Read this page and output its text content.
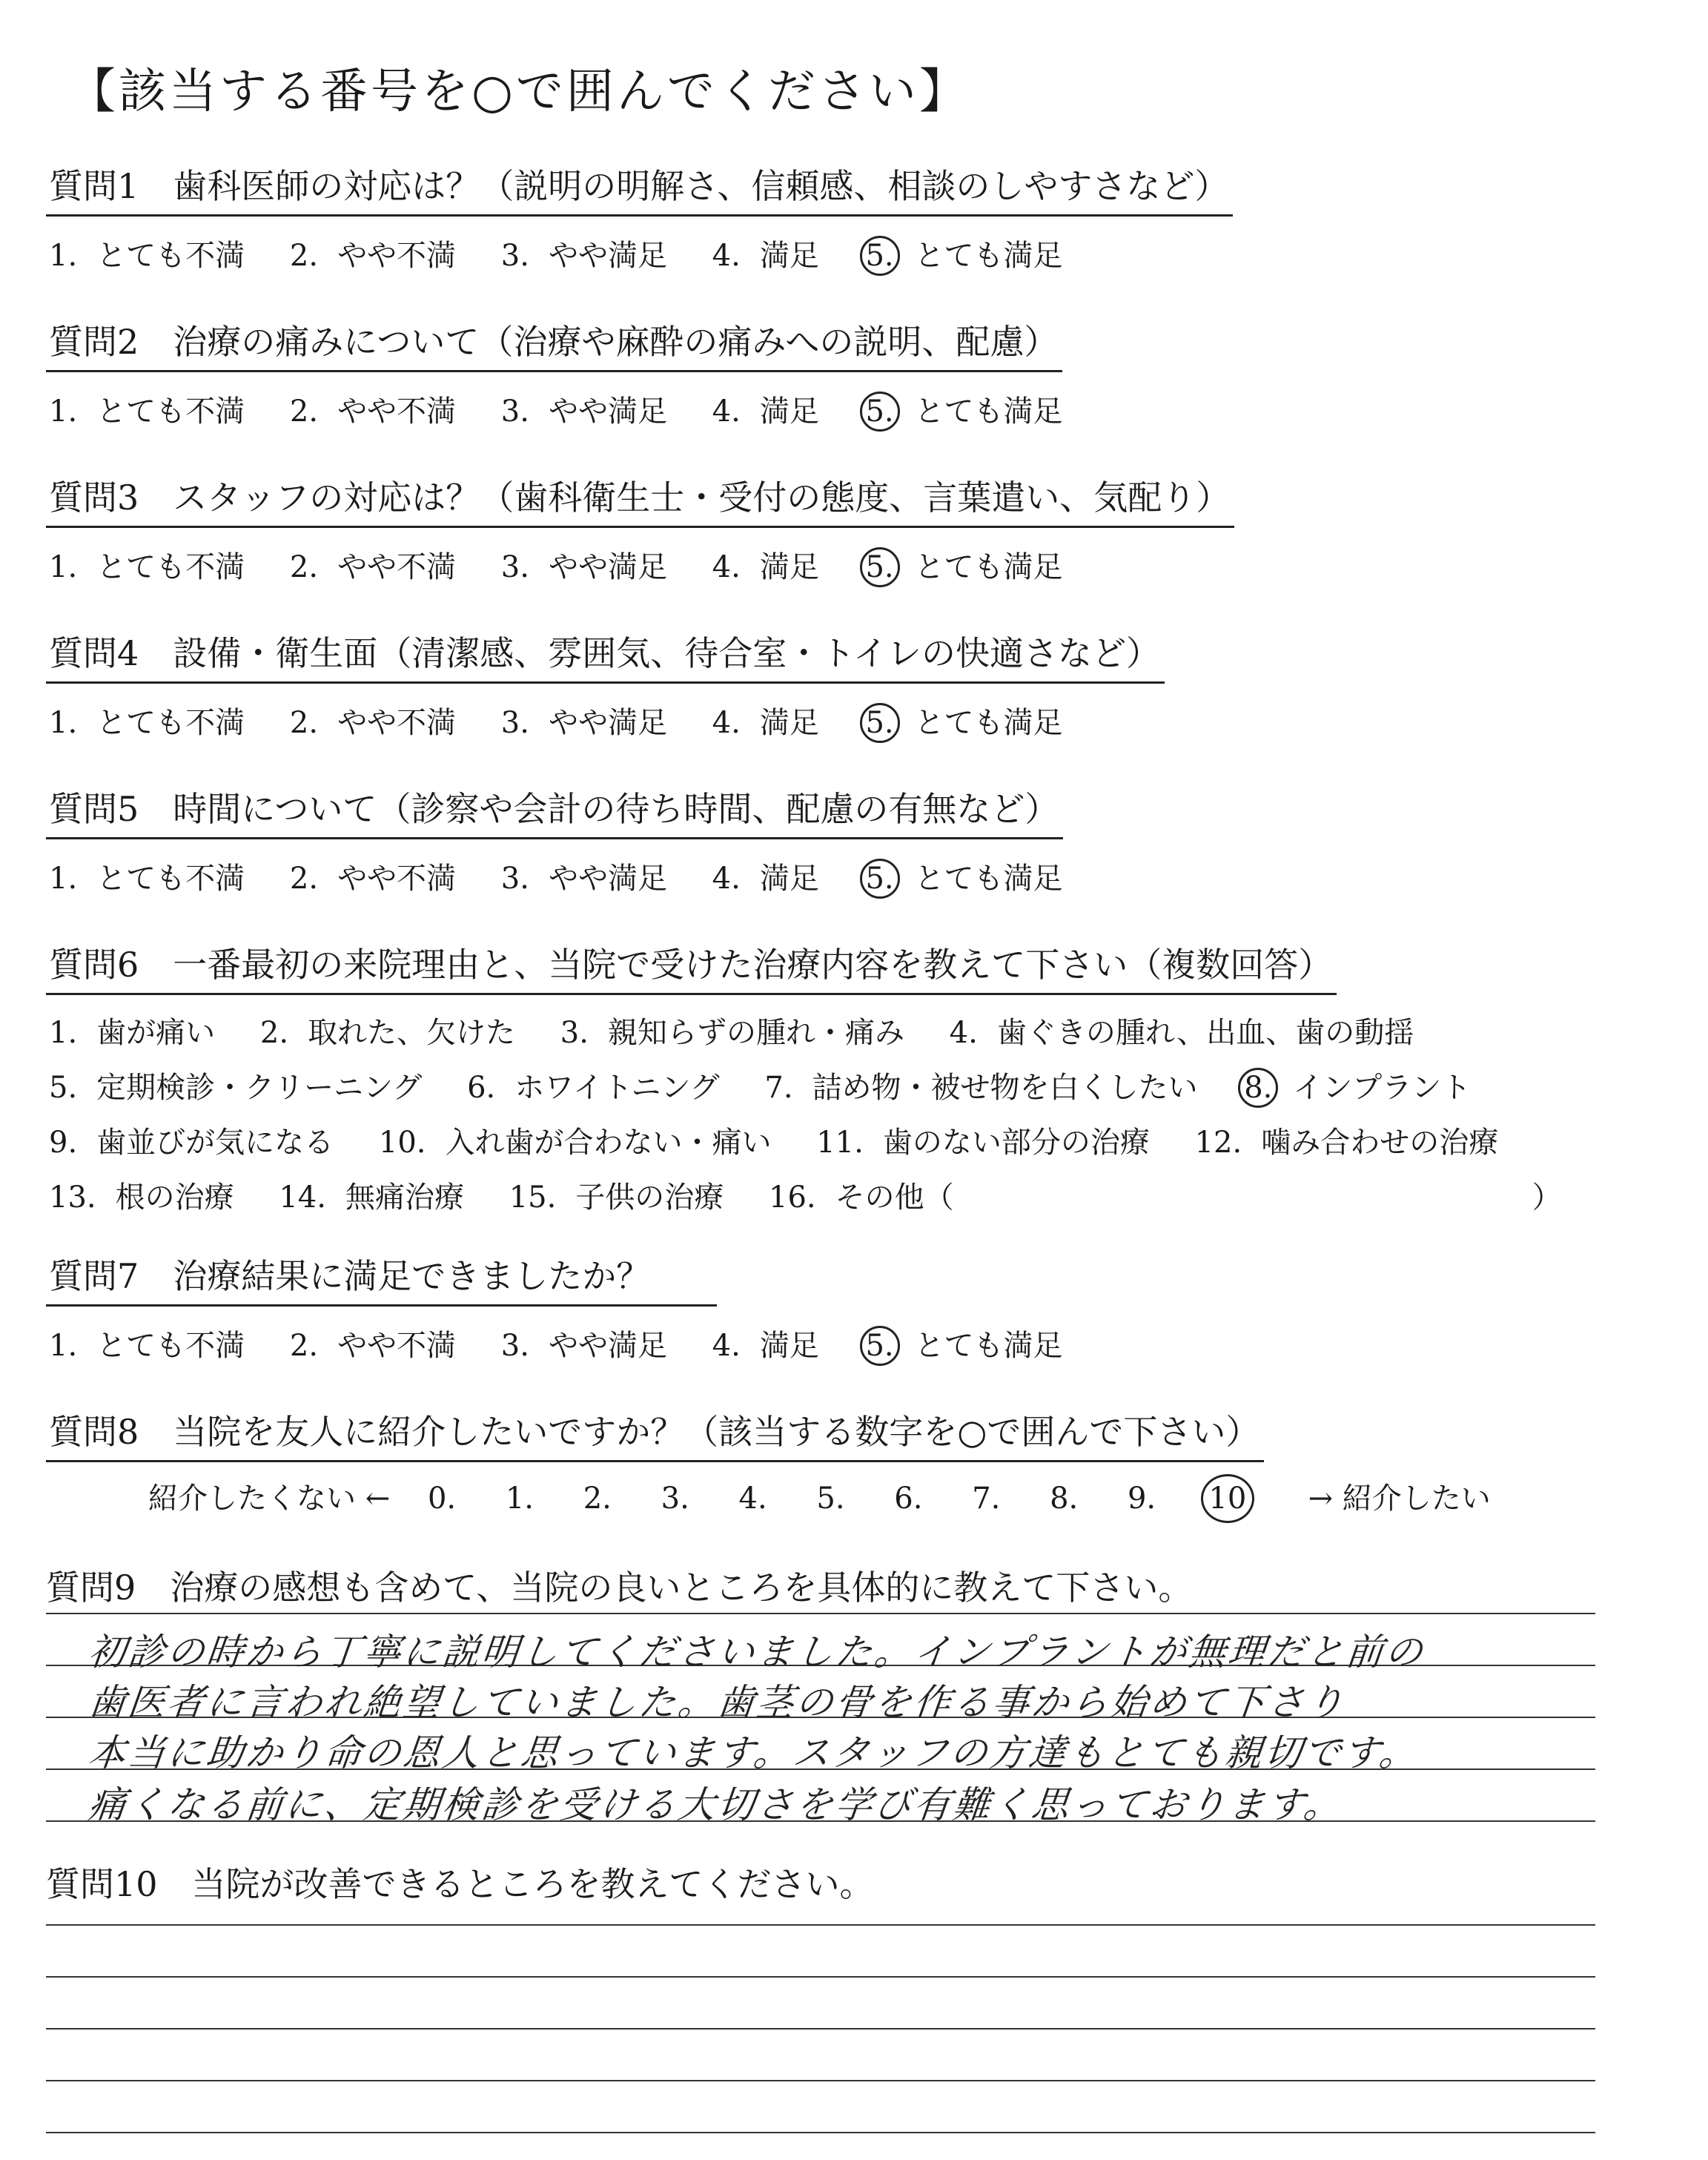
【該当する番号を○で囲んでください】
質問1　歯科医師の対応は？（説明の明解さ、信頼感、相談のしやすさなど）
1. とても不満 2. やや不満 3. やや満足 4. 満足 5. とても満足
質問2　治療の痛みについて（治療や麻酔の痛みへの説明、配慮）
1. とても不満 2. やや不満 3. やや満足 4. 満足 5. とても満足
質問3　スタッフの対応は？（歯科衛生士・受付の態度、言葉遣い、気配り）
1. とても不満 2. やや不満 3. やや満足 4. 満足 5. とても満足
質問4　設備・衛生面（清潔感、雰囲気、待合室・トイレの快適さなど）
1. とても不満 2. やや不満 3. やや満足 4. 満足 5. とても満足
質問5　時間について（診察や会計の待ち時間、配慮の有無など）
1. とても不満 2. やや不満 3. やや満足 4. 満足 5. とても満足
質問6　一番最初の来院理由と、当院で受けた治療内容を教えて下さい（複数回答）
1. 歯が痛い 2. 取れた、欠けた 3. 親知らずの腫れ・痛み 4. 歯ぐきの腫れ、出血、歯の動揺
5. 定期検診・クリーニング 6. ホワイトニング 7. 詰め物・被せ物を白くしたい 8. インプラント
9. 歯並びが気になる 10. 入れ歯が合わない・痛い 11. 歯のない部分の治療 12. 噛み合わせの治療
13. 根の治療 14. 無痛治療 15. 子供の治療 16. その他（	）
質問7　治療結果に満足できましたか？
1. とても不満 2. やや不満 3. やや満足 4. 満足 5. とても満足
質問8　当院を友人に紹介したいですか？（該当する数字を○で囲んで下さい）
紹介したくない ← 0. 1. 2. 3. 4. 5. 6. 7. 8. 9. 10 → 紹介したい
質問9　治療の感想も含めて、当院の良いところを具体的に教えて下さい。
初診の時から丁寧に説明してくださいました。インプラントが無理だと前の
歯医者に言われ絶望していました。歯茎の骨を作る事から始めて下さり
本当に助かり命の恩人と思っています。スタッフの方達もとても親切です。
痛くなる前に、定期検診を受ける大切さを学び有難く思っております。
質問10　当院が改善できるところを教えてください。
